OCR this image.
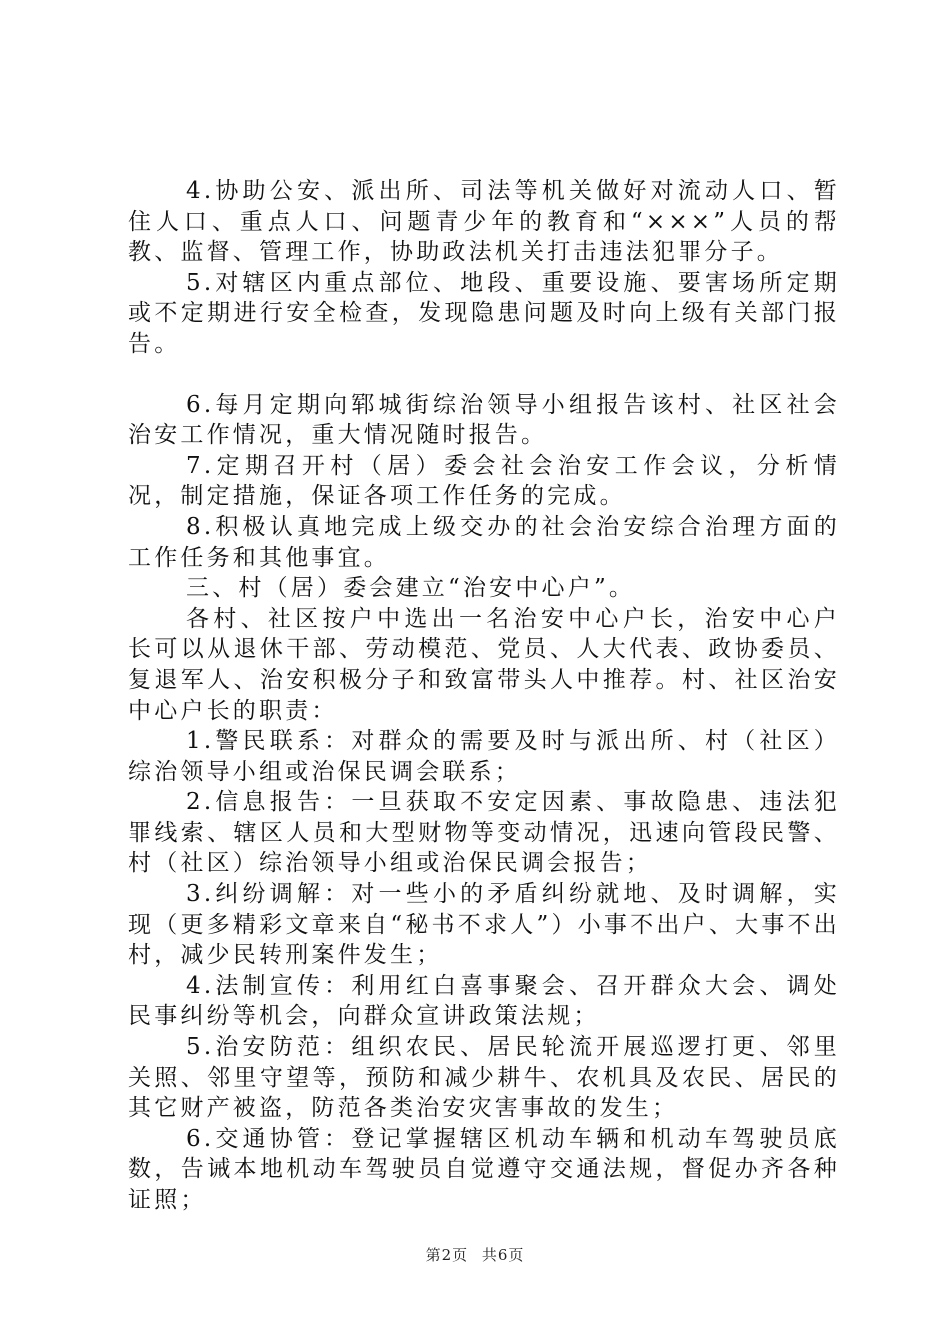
4.协助公安、派出所、司法等机关做好对流动人口、暂住人口、重点人口、问题青少年的教育和“×××”人员的帮教、监督、管理工作，协助政法机关打击违法犯罪分子。

5.对辖区内重点部位、地段、重要设施、要害场所定期或不定期进行安全检查，发现隐患问题及时向上级有关部门报告。

6.每月定期向郓城街综治领导小组报告该村、社区社会治安工作情况，重大情况随时报告。

7.定期召开村（居）委会社会治安工作会议，分析情况，制定措施，保证各项工作任务的完成。

8.积极认真地完成上级交办的社会治安综合治理方面的工作任务和其他事宜。

三、村（居）委会建立“治安中心户”。

各村、社区按户中选出一名治安中心户长，治安中心户长可以从退休干部、劳动模范、党员、人大代表、政协委员、复退军人、治安积极分子和致富带头人中推荐。村、社区治安中心户长的职责：

1.警民联系：对群众的需要及时与派出所、村（社区）综治领导小组或治保民调会联系；

2.信息报告：一旦获取不安定因素、事故隐患、违法犯罪线索、辖区人员和大型财物等变动情况，迅速向管段民警、村（社区）综治领导小组或治保民调会报告；

3.纠纷调解：对一些小的矛盾纠纷就地、及时调解，实现（更多精彩文章来自“秘书不求人”）小事不出户、大事不出村，减少民转刑案件发生；

4.法制宣传：利用红白喜事聚会、召开群众大会、调处民事纠纷等机会，向群众宣讲政策法规；

5.治安防范：组织农民、居民轮流开展巡逻打更、邻里关照、邻里守望等，预防和减少耕牛、农机具及农民、居民的其它财产被盗，防范各类治安灾害事故的发生；

6.交通协管：登记掌握辖区机动车辆和机动车驾驶员底数，告诫本地机动车驾驶员自觉遵守交通法规，督促办齐各种证照；

第2页 共6页
